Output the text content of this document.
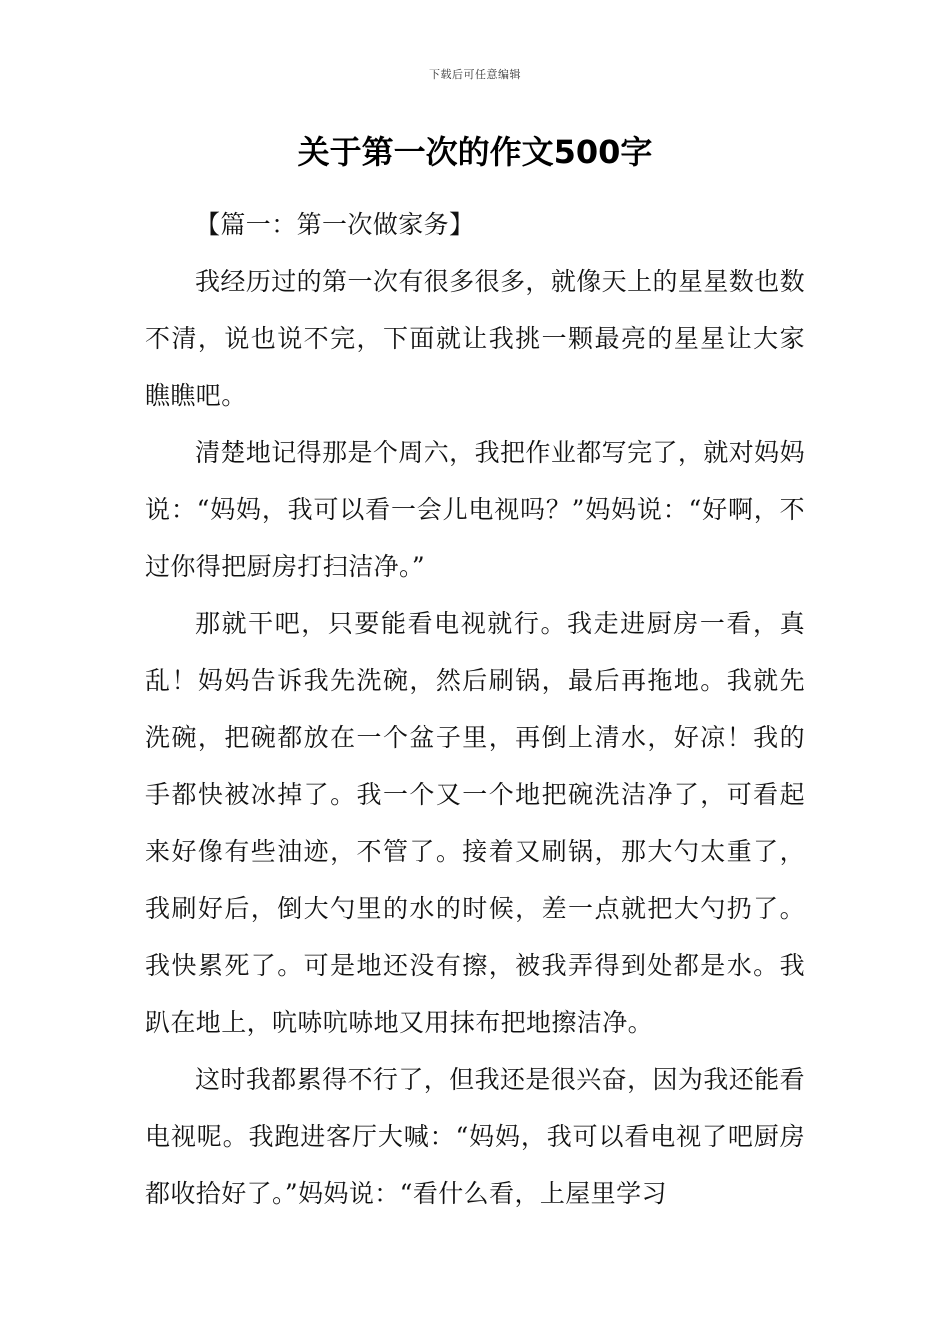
下载后可任意编辑
关于第一次的作文500字

【篇一：第一次做家务】

我经历过的第一次有很多很多，就像天上的星星数也数不清，说也说不完，下面就让我挑一颗最亮的星星让大家瞧瞧吧。

清楚地记得那是个周六，我把作业都写完了，就对妈妈说：“妈妈，我可以看一会儿电视吗？”妈妈说：“好啊，不过你得把厨房打扫洁净。”

那就干吧，只要能看电视就行。我走进厨房一看，真乱！妈妈告诉我先洗碗，然后刷锅，最后再拖地。我就先洗碗，把碗都放在一个盆子里，再倒上清水，好凉！我的手都快被冰掉了。我一个又一个地把碗洗洁净了，可看起来好像有些油迹，不管了。接着又刷锅，那大勺太重了，我刷好后，倒大勺里的水的时候，差一点就把大勺扔了。我快累死了。可是地还没有擦，被我弄得到处都是水。我趴在地上，吭哧吭哧地又用抹布把地擦洁净。

这时我都累得不行了，但我还是很兴奋，因为我还能看电视呢。我跑进客厅大喊：“妈妈，我可以看电视了吧厨房都收拾好了。”妈妈说：“看什么看，上屋里学习
